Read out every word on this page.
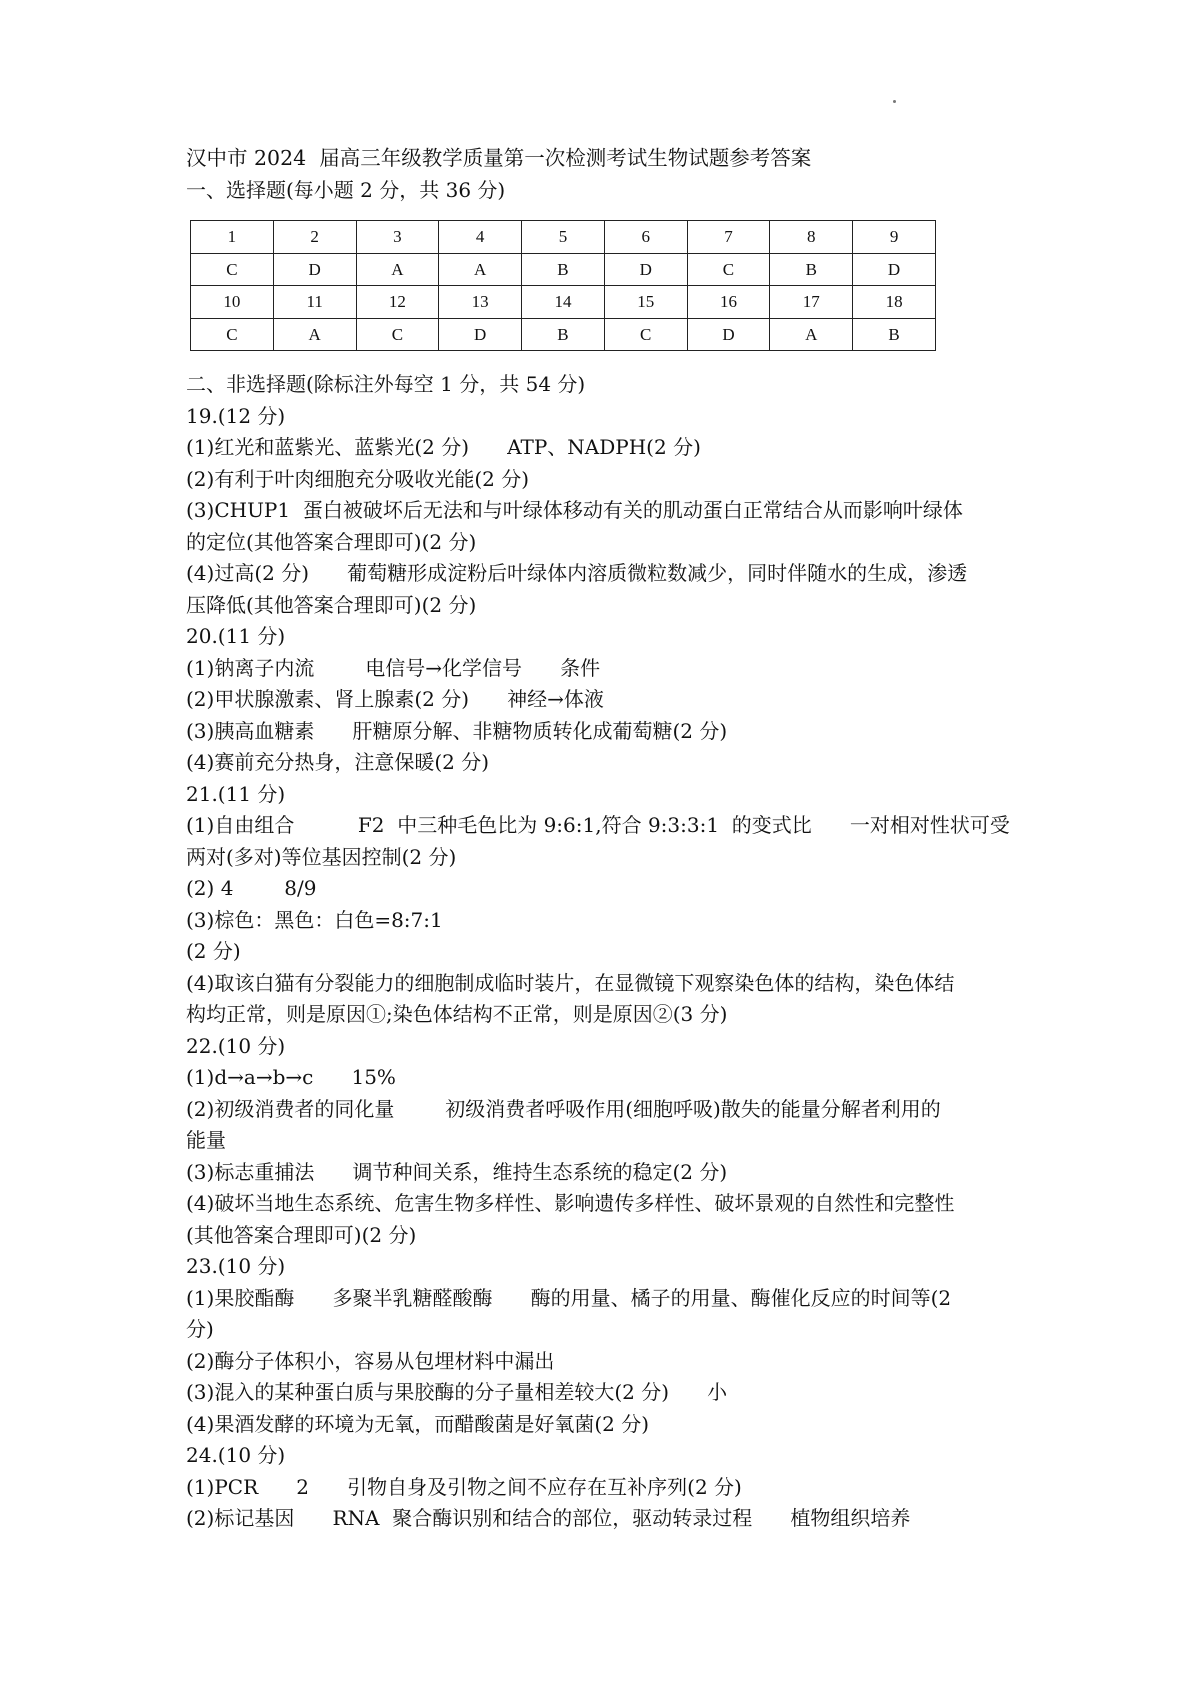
汉中市 2024  届高三年级教学质量第一次检测考试生物试题参考答案
一、选择题(每小题 2 分，共 36 分)
1	2	3	4	5	6	7	8	9
C	D	A	A	B	D	C	B	D
10	11	12	13	14	15	16	17	18
C	A	C	D	B	C	D	A	B
二、非选择题(除标注外每空 1 分，共 54 分)
19.(12 分)
(1)红光和蓝紫光、蓝紫光(2 分)      ATP、NADPH(2 分)
(2)有利于叶肉细胞充分吸收光能(2 分)
(3)CHUP1  蛋白被破坏后无法和与叶绿体移动有关的肌动蛋白正常结合从而影响叶绿体
的定位(其他答案合理即可)(2 分)
(4)过高(2 分)      葡萄糖形成淀粉后叶绿体内溶质微粒数减少，同时伴随水的生成，渗透
压降低(其他答案合理即可)(2 分)
20.(11 分)
(1)钠离子内流        电信号→化学信号      条件
(2)甲状腺激素、肾上腺素(2 分)      神经→体液
(3)胰高血糖素      肝糖原分解、非糖物质转化成葡萄糖(2 分)
(4)赛前充分热身，注意保暖(2 分)
21.(11 分)
(1)自由组合          F2  中三种毛色比为 9:6:1,符合 9:3:3:1  的变式比      一对相对性状可受
两对(多对)等位基因控制(2 分)
(2) 4        8/9
(3)棕色：黑色：白色=8:7:1
(2 分)
(4)取该白猫有分裂能力的细胞制成临时装片，在显微镜下观察染色体的结构，染色体结
构均正常，则是原因①;染色体结构不正常，则是原因②(3 分)
22.(10 分)
(1)d→a→b→c      15%
(2)初级消费者的同化量        初级消费者呼吸作用(细胞呼吸)散失的能量分解者利用的
能量
(3)标志重捕法      调节种间关系，维持生态系统的稳定(2 分)
(4)破坏当地生态系统、危害生物多样性、影响遗传多样性、破坏景观的自然性和完整性
(其他答案合理即可)(2 分)
23.(10 分)
(1)果胶酯酶      多聚半乳糖醛酸酶      酶的用量、橘子的用量、酶催化反应的时间等(2
分)
(2)酶分子体积小，容易从包埋材料中漏出
(3)混入的某种蛋白质与果胶酶的分子量相差较大(2 分)      小
(4)果酒发酵的环境为无氧，而醋酸菌是好氧菌(2 分)
24.(10 分)
(1)PCR      2      引物自身及引物之间不应存在互补序列(2 分)
(2)标记基因      RNA  聚合酶识别和结合的部位，驱动转录过程      植物组织培养
